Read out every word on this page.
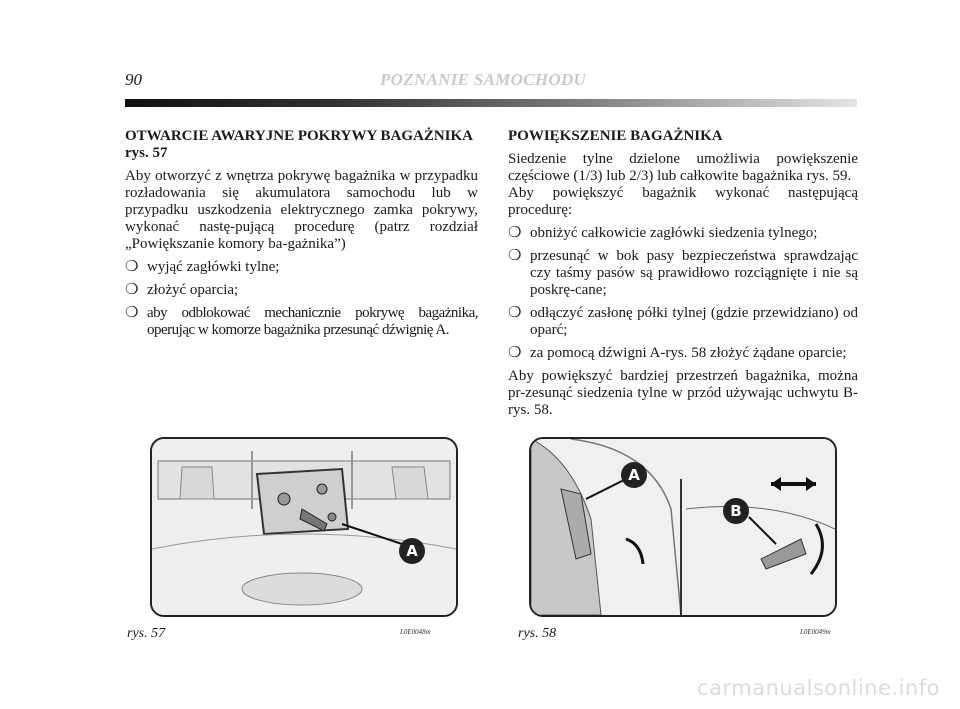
90	POZNANIE SAMOCHODU
OTWARCIE AWARYJNE POKRYWY BAGAŻNIKA rys. 57

Aby otworzyć z wnętrza pokrywę bagażnika w przypadku rozładowania się akumulatora samochodu lub w przypadku uszkodzenia elektrycznego zamka pokrywy, wykonać nastę-pującą procedurę (patrz rozdział „Powiększanie komory ba-gażnika”)

❍ wyjąć zagłówki tylne;
❍ złożyć oparcia;
❍ aby odblokować mechanicznie pokrywę bagażnika, operując w komorze bagażnika przesunąć dźwignię A.
POWIĘKSZENIE BAGAŻNIKA

Siedzenie tylne dzielone umożliwia powiększenie częściowe (1/3) lub 2/3) lub całkowite bagażnika rys. 59.

Aby powiększyć bagażnik wykonać następującą procedurę:

❍ obniżyć całkowicie zagłówki siedzenia tylnego;
❍ przesunąć w bok pasy bezpieczeństwa sprawdzając czy taśmy pasów są prawidłowo rozciągnięte i nie są poskrę-cane;
❍ odłączyć zasłonę półki tylnej (gdzie przewidziano) od oparć;
❍ za pomocą dźwigni A-rys. 58 złożyć żądane oparcie;

Aby powiększyć bardziej przestrzeń bagażnika, można pr-zesunąć siedzenia tylne w przód używając uchwytu B-rys. 58.

A
rys. 57	L0E0048m
A
B
rys. 58	L0E0049m
carmanualsonline.info
